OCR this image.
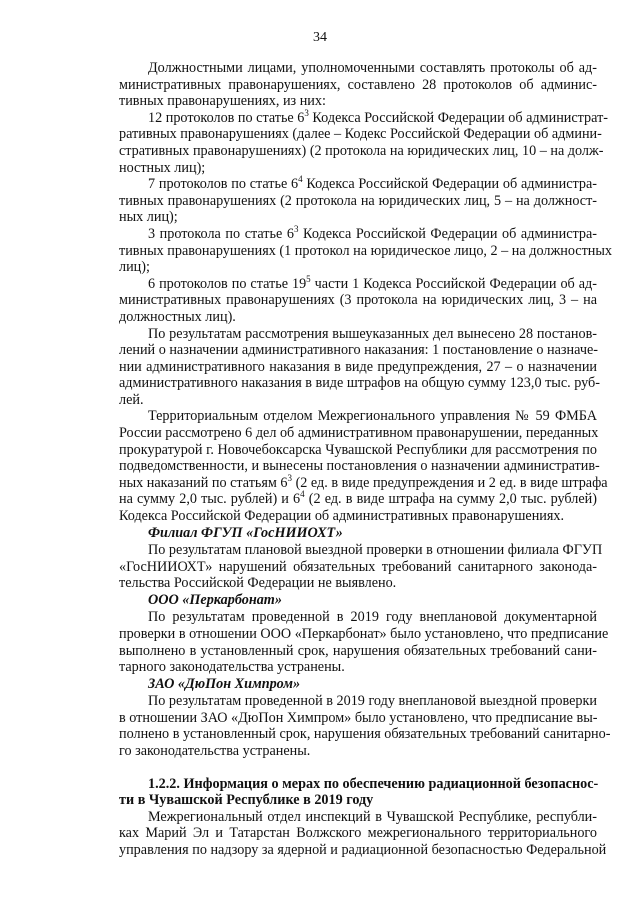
34
Должностными лицами, уполномоченными составлять протоколы об ад-
министративных правонарушениях, составлено 28 протоколов об админис-
тивных правонарушениях, из них:
12 протоколов по статье $6^3$ Кодекса Российской Федерации об администрат-
ративных правонарушениях (далее – Кодекс Российской Федерации об админи-
стративных правонарушениях) (2 протокола на юридических лиц, 10 – на долж-
ностных лиц);
7 протоколов по статье $6^4$ Кодекса Российской Федерации об администра-
тивных правонарушениях (2 протокола на юридических лиц, 5 – на должност-
ных лиц);
3 протокола по статье $6^3$ Кодекса Российской Федерации об администра-
тивных правонарушениях (1 протокол на юридическое лицо, 2 – на должностных
лиц);
6 протоколов по статье $19^5$ части 1 Кодекса Российской Федерации об ад-
министративных правонарушениях (3 протокола на юридических лиц, 3 – на
должностных лиц).
По результатам рассмотрения вышеуказанных дел вынесено 28 постанов-
лений о назначении административного наказания: 1 постановление о назначе-
нии административного наказания в виде предупреждения, 27 – о назначении
административного наказания в виде штрафов на общую сумму 123,0 тыс. руб-
лей.
Территориальным отделом Межрегионального управления № 59 ФМБА
России рассмотрено 6 дел об административном правонарушении, переданных
прокуратурой г. Новочебоксарска Чувашской Республики для рассмотрения по
подведомственности, и вынесены постановления о назначении административ-
ных наказаний по статьям $6^3$ (2 ед. в виде предупреждения и 2 ед. в виде штрафа
на сумму 2,0 тыс. рублей) и $6^4$ (2 ед. в виде штрафа на сумму 2,0 тыс. рублей)
Кодекса Российской Федерации об административных правонарушениях.
Филиал ФГУП «ГосНИИОХТ»
По результатам плановой выездной проверки в отношении филиала ФГУП
«ГосНИИОХТ» нарушений обязательных требований санитарного законода-
тельства Российской Федерации не выявлено.
ООО «Перкарбонат»
По результатам проведенной в 2019 году внеплановой документарной
проверки в отношении ООО «Перкарбонат» было установлено, что предписание
выполнено в установленный срок, нарушения обязательных требований сани-
тарного законодательства устранены.
ЗАО «ДюПон Химпром»
По результатам проведенной в 2019 году внеплановой выездной проверки
в отношении ЗАО «ДюПон Химпром» было установлено, что предписание вы-
полнено в установленный срок, нарушения обязательных требований санитарно-
го законодательства устранены.
1.2.2. Информация о мерах по обеспечению радиационной безопаснос-
ти в Чувашской Республике в 2019 году
Межрегиональный отдел инспекций в Чувашской Республике, республи-
ках Марий Эл и Татарстан Волжского межрегионального территориального
управления по надзору за ядерной и радиационной безопасностью Федеральной
